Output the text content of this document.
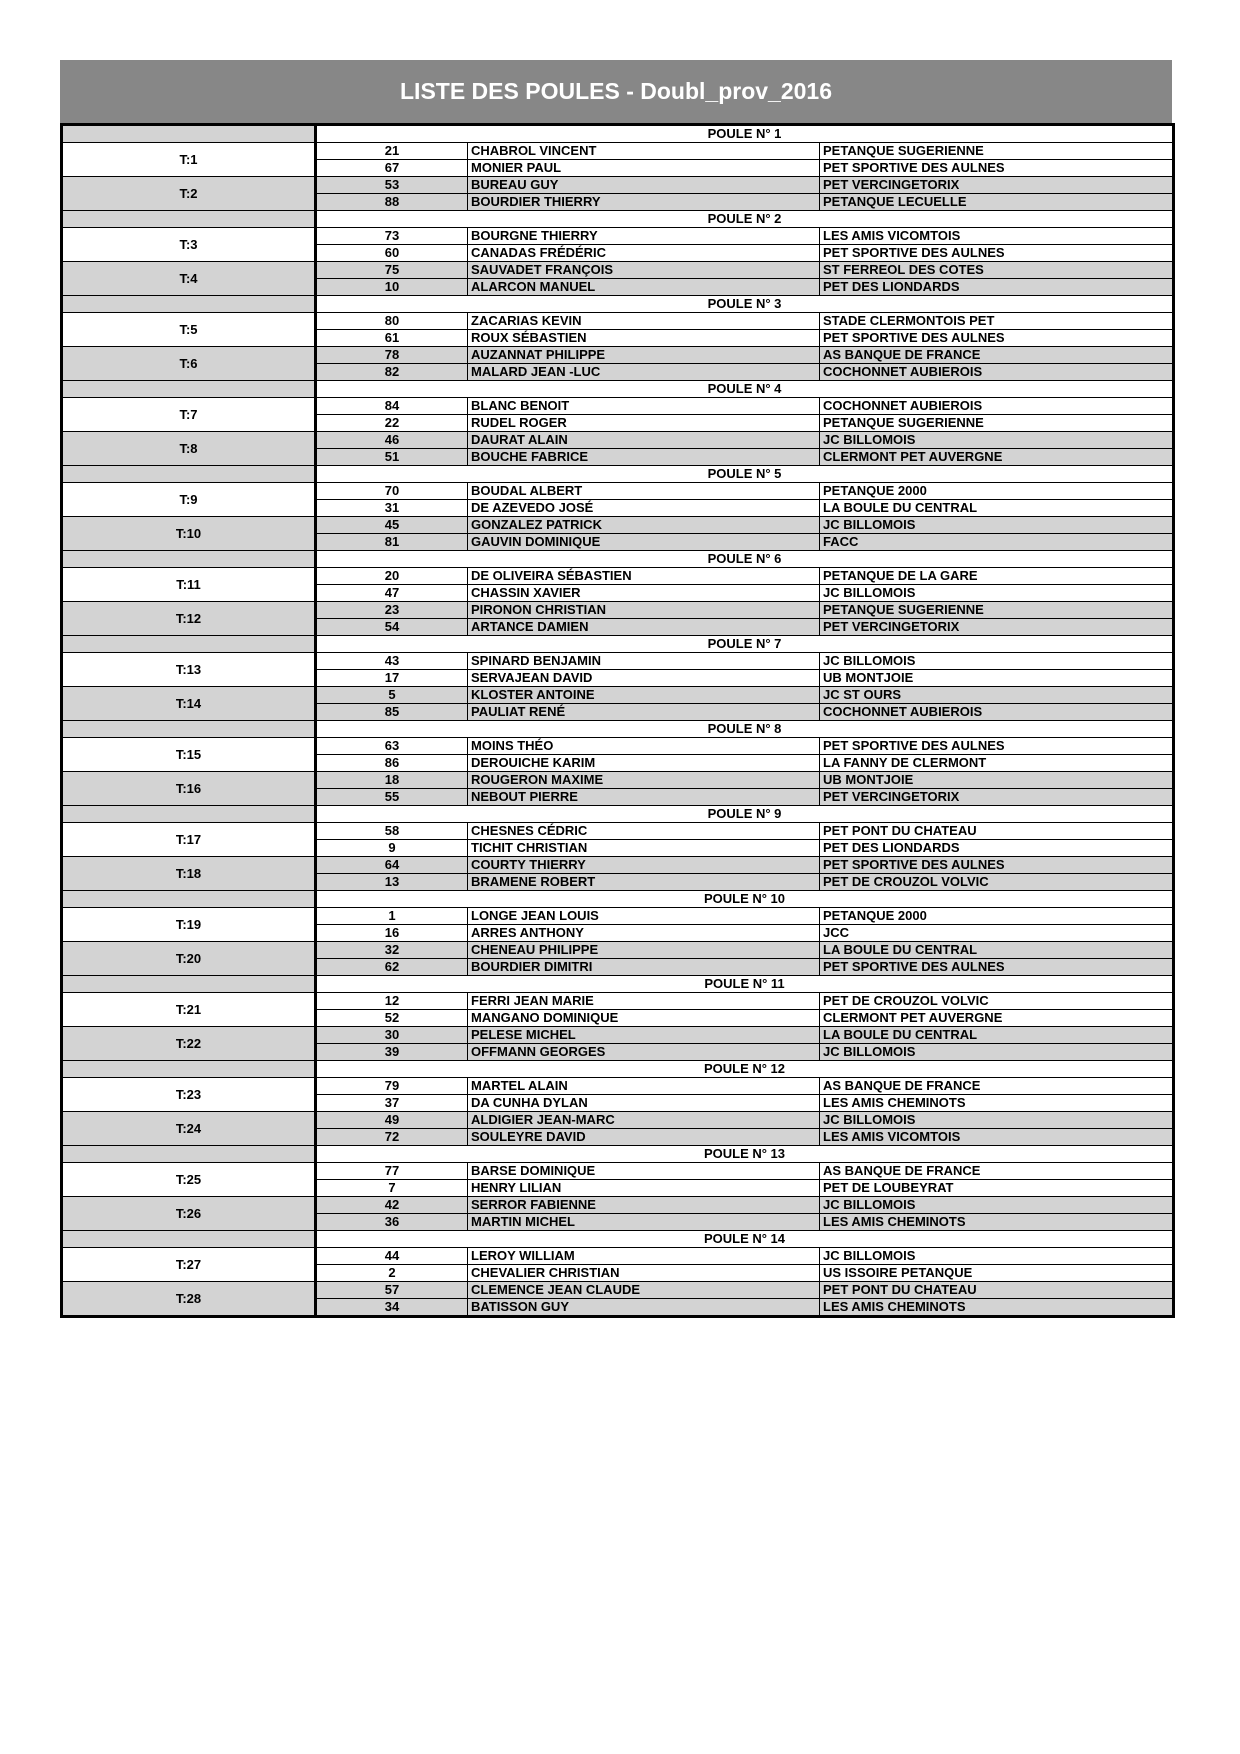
LISTE DES POULES - Doubl_prov_2016
	POULE N° 1		
T:1	21	CHABROL VINCENT	PETANQUE SUGERIENNE
	67	MONIER PAUL	PET SPORTIVE DES AULNES
T:2	53	BUREAU GUY	PET VERCINGETORIX
	88	BOURDIER THIERRY	PETANQUE LECUELLE
	POULE N° 2		
T:3	73	BOURGNE THIERRY	LES AMIS VICOMTOIS
	60	CANADAS FRÉDÉRIC	PET SPORTIVE DES AULNES
T:4	75	SAUVADET FRANÇOIS	ST FERREOL DES COTES
	10	ALARCON MANUEL	PET DES LIONDARDS
	POULE N° 3		
T:5	80	ZACARIAS KEVIN	STADE CLERMONTOIS PET
	61	ROUX SÉBASTIEN	PET SPORTIVE DES AULNES
T:6	78	AUZANNAT PHILIPPE	AS BANQUE DE FRANCE
	82	MALARD JEAN -LUC	COCHONNET AUBIEROIS
	POULE N° 4		
T:7	84	BLANC BENOIT	COCHONNET AUBIEROIS
	22	RUDEL ROGER	PETANQUE SUGERIENNE
T:8	46	DAURAT ALAIN	JC BILLOMOIS
	51	BOUCHE FABRICE	CLERMONT PET AUVERGNE
	POULE N° 5		
T:9	70	BOUDAL ALBERT	PETANQUE 2000
	31	DE AZEVEDO JOSÉ	LA BOULE DU CENTRAL
T:10	45	GONZALEZ PATRICK	JC BILLOMOIS
	81	GAUVIN DOMINIQUE	FACC
	POULE N° 6		
T:11	20	DE OLIVEIRA SÉBASTIEN	PETANQUE DE LA GARE
	47	CHASSIN XAVIER	JC BILLOMOIS
T:12	23	PIRONON CHRISTIAN	PETANQUE SUGERIENNE
	54	ARTANCE DAMIEN	PET VERCINGETORIX
	POULE N° 7		
T:13	43	SPINARD BENJAMIN	JC BILLOMOIS
	17	SERVAJEAN DAVID	UB MONTJOIE
T:14	5	KLOSTER ANTOINE	JC ST OURS
	85	PAULIAT RENÉ	COCHONNET AUBIEROIS
	POULE N° 8		
T:15	63	MOINS THÉO	PET SPORTIVE DES AULNES
	86	DEROUICHE KARIM	LA FANNY DE CLERMONT
T:16	18	ROUGERON MAXIME	UB MONTJOIE
	55	NEBOUT PIERRE	PET VERCINGETORIX
	POULE N° 9		
T:17	58	CHESNES CÉDRIC	PET PONT DU CHATEAU
	9	TICHIT CHRISTIAN	PET DES LIONDARDS
T:18	64	COURTY THIERRY	PET SPORTIVE DES AULNES
	13	BRAMENE ROBERT	PET DE CROUZOL VOLVIC
	POULE N° 10		
T:19	1	LONGE JEAN LOUIS	PETANQUE 2000
	16	ARRES ANTHONY	JCC
T:20	32	CHENEAU PHILIPPE	LA BOULE DU CENTRAL
	62	BOURDIER DIMITRI	PET SPORTIVE DES AULNES
	POULE N° 11		
T:21	12	FERRI JEAN MARIE	PET DE CROUZOL VOLVIC
	52	MANGANO DOMINIQUE	CLERMONT PET AUVERGNE
T:22	30	PELESE MICHEL	LA BOULE DU CENTRAL
	39	OFFMANN GEORGES	JC BILLOMOIS
	POULE N° 12		
T:23	79	MARTEL ALAIN	AS BANQUE DE FRANCE
	37	DA CUNHA DYLAN	LES AMIS CHEMINOTS
T:24	49	ALDIGIER JEAN-MARC	JC BILLOMOIS
	72	SOULEYRE DAVID	LES AMIS VICOMTOIS
	POULE N° 13		
T:25	77	BARSE DOMINIQUE	AS BANQUE DE FRANCE
	7	HENRY LILIAN	PET DE LOUBEYRAT
T:26	42	SERROR FABIENNE	JC BILLOMOIS
	36	MARTIN MICHEL	LES AMIS CHEMINOTS
	POULE N° 14		
T:27	44	LEROY WILLIAM	JC BILLOMOIS
	2	CHEVALIER CHRISTIAN	US ISSOIRE PETANQUE
T:28	57	CLEMENCE JEAN CLAUDE	PET PONT DU CHATEAU
	34	BATISSON GUY	LES AMIS CHEMINOTS
